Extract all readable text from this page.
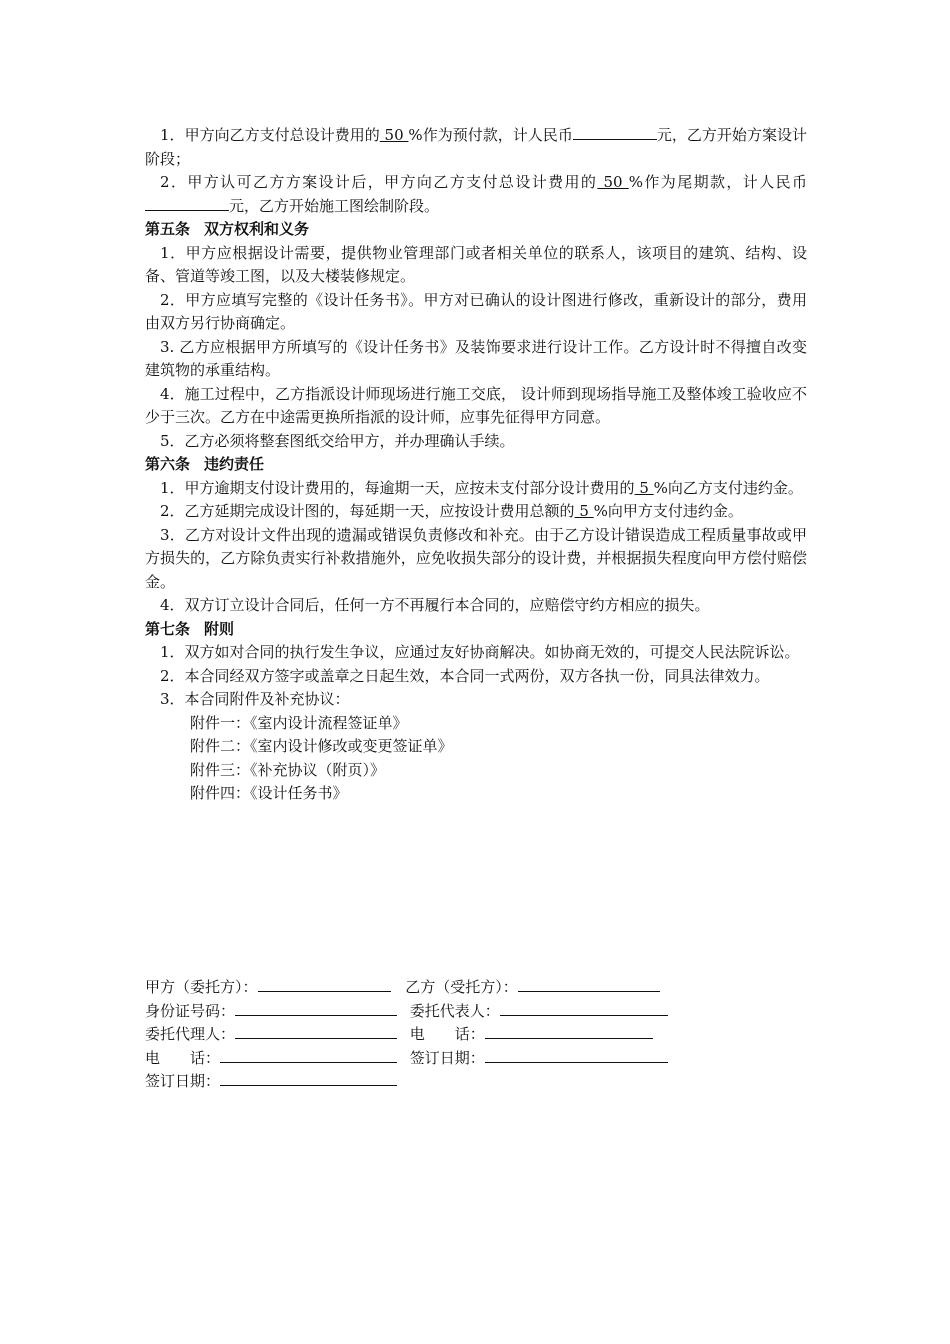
1．甲方向乙方支付总设计费用的 50 %作为预付款，计人民币	元，乙方开始方案设计阶段；

2．甲方认可乙方方案设计后，甲方向乙方支付总设计费用的 50 %作为尾期款，计人民币元，乙方开始施工图绘制阶段。

第五条 双方权利和义务

1．甲方应根据设计需要，提供物业管理部门或者相关单位的联系人，该项目的建筑、结构、设备、管道等竣工图，以及大楼装修规定。

2．甲方应填写完整的《设计任务书》。甲方对已确认的设计图进行修改，重新设计的部分，费用由双方另行协商确定。

3. 乙方应根据甲方所填写的《设计任务书》及装饰要求进行设计工作。乙方设计时不得擅自改变建筑物的承重结构。

4．施工过程中，乙方指派设计师现场进行施工交底， 设计师到现场指导施工及整体竣工验收应不少于三次。乙方在中途需更换所指派的设计师，应事先征得甲方同意。

5．乙方必须将整套图纸交给甲方，并办理确认手续。

第六条 违约责任

1．甲方逾期支付设计费用的，每逾期一天，应按未支付部分设计费用的 5 %向乙方支付违约金。

2．乙方延期完成设计图的，每延期一天，应按设计费用总额的 5 %向甲方支付违约金。

3．乙方对设计文件出现的遗漏或错误负责修改和补充。由于乙方设计错误造成工程质量事故或甲方损失的，乙方除负责实行补救措施外，应免收损失部分的设计费，并根据损失程度向甲方偿付赔偿金。

4．双方订立设计合同后，任何一方不再履行本合同的，应赔偿守约方相应的损失。

第七条 附则

1．双方如对合同的执行发生争议，应通过友好协商解决。如协商无效的，可提交人民法院诉讼。

2．本合同经双方签字或盖章之日起生效，本合同一式两份，双方各执一份，同具法律效力。

3．本合同附件及补充协议：

附件一：《室内设计流程签证单》

附件二：《室内设计修改或变更签证单》

附件三：《补充协议（附页）》

附件四：《设计任务书》

甲方（委托方）：	乙方（受托方）：
身份证号码：	委托代表人：
委托代理人：	电　　话：
电　　话：	签订日期：
签订日期：
